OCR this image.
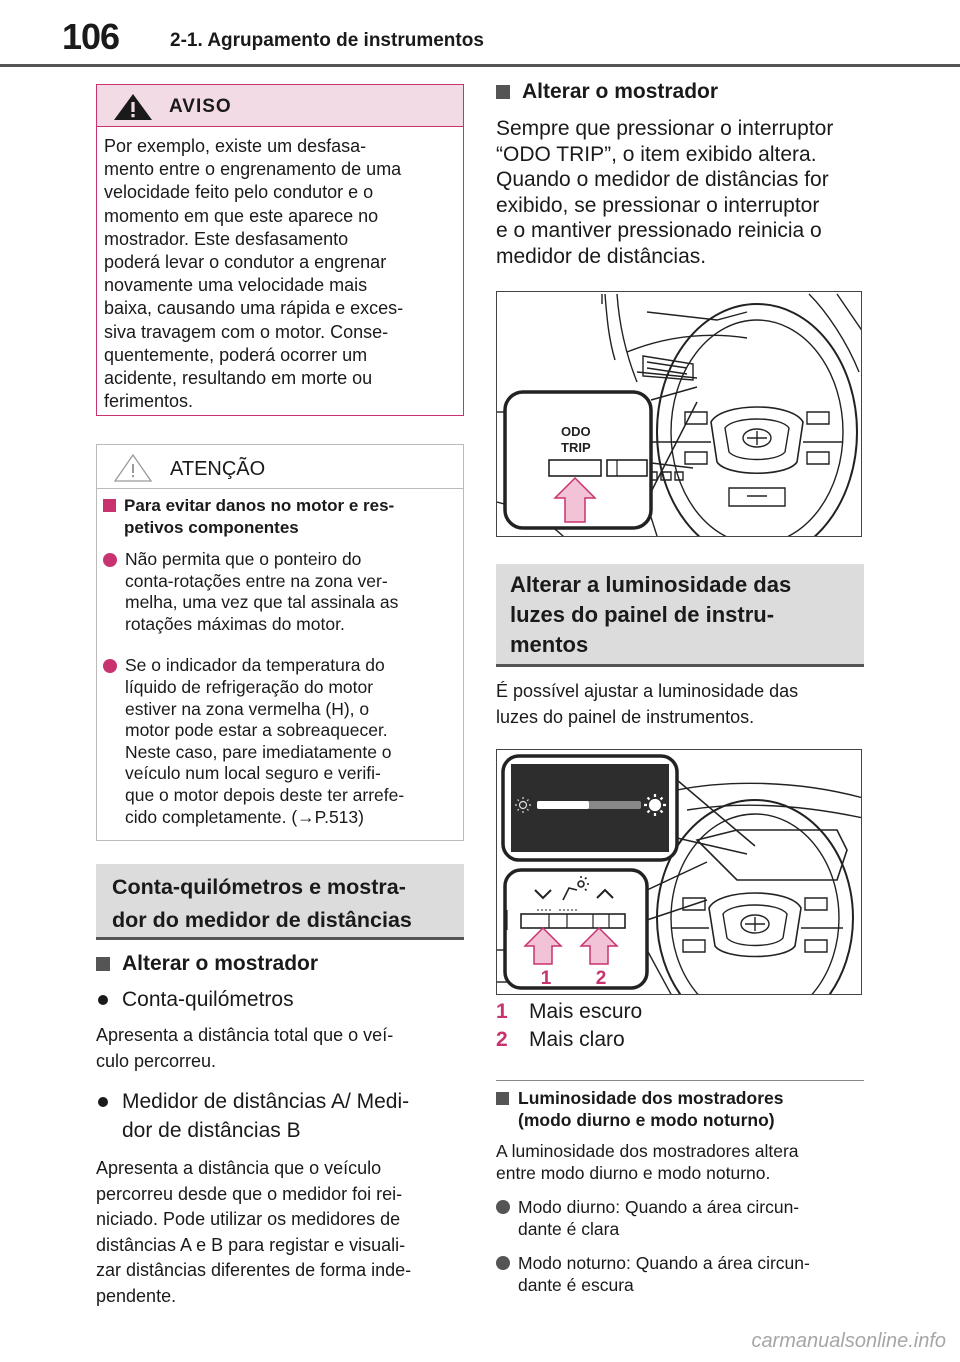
106	2-1. Agrupamento de instrumentos
AVISO
Por exemplo, existe um desfasa-
mento entre o engrenamento de uma
velocidade feito pelo condutor e o
momento em que este aparece no
mostrador. Este desfasamento
poderá levar o condutor a engrenar
novamente uma velocidade mais
baixa, causando uma rápida e exces-
siva travagem com o motor. Conse-
quentemente, poderá ocorrer um
acidente, resultando em morte ou
ferimentos.
ATENÇÃO
Para evitar danos no motor e res-
petivos componentes
Não permita que o ponteiro do
conta-rotações entre na zona ver-
melha, uma vez que tal assinala as
rotações máximas do motor.
Se o indicador da temperatura do
líquido de refrigeração do motor
estiver na zona vermelha (H), o
motor pode estar a sobreaquecer.
Neste caso, pare imediatamente o
veículo num local seguro e verifi-
que o motor depois deste ter arrefe-
cido completamente. (→P.513)
Conta-quilómetros e mostra-
dor do medidor de distâncias
Alterar o mostrador
Conta-quilómetros
Apresenta a distância total que o veí-
culo percorreu.
Medidor de distâncias A/ Medi-
dor de distâncias B
Apresenta a distância que o veículo
percorreu desde que o medidor foi rei-
niciado. Pode utilizar os medidores de
distâncias A e B para registar e visuali-
zar distâncias diferentes de forma inde-
pendente.
Alterar o mostrador
Sempre que pressionar o interruptor
“ODO TRIP”, o item exibido altera.
Quando o medidor de distâncias for
exibido, se pressionar o interruptor
e o mantiver pressionado reinicia o
medidor de distâncias.
ODO
TRIP
Alterar a luminosidade das
luzes do painel de instru-
mentos
É possível ajustar a luminosidade das
luzes do painel de instrumentos.
1 2
1	Mais escuro
2	Mais claro
Luminosidade dos mostradores
(modo diurno e modo noturno)
A luminosidade dos mostradores altera
entre modo diurno e modo noturno.
Modo diurno: Quando a área circun-
dante é clara
Modo noturno: Quando a área circun-
dante é escura
carmanualsonline.info
